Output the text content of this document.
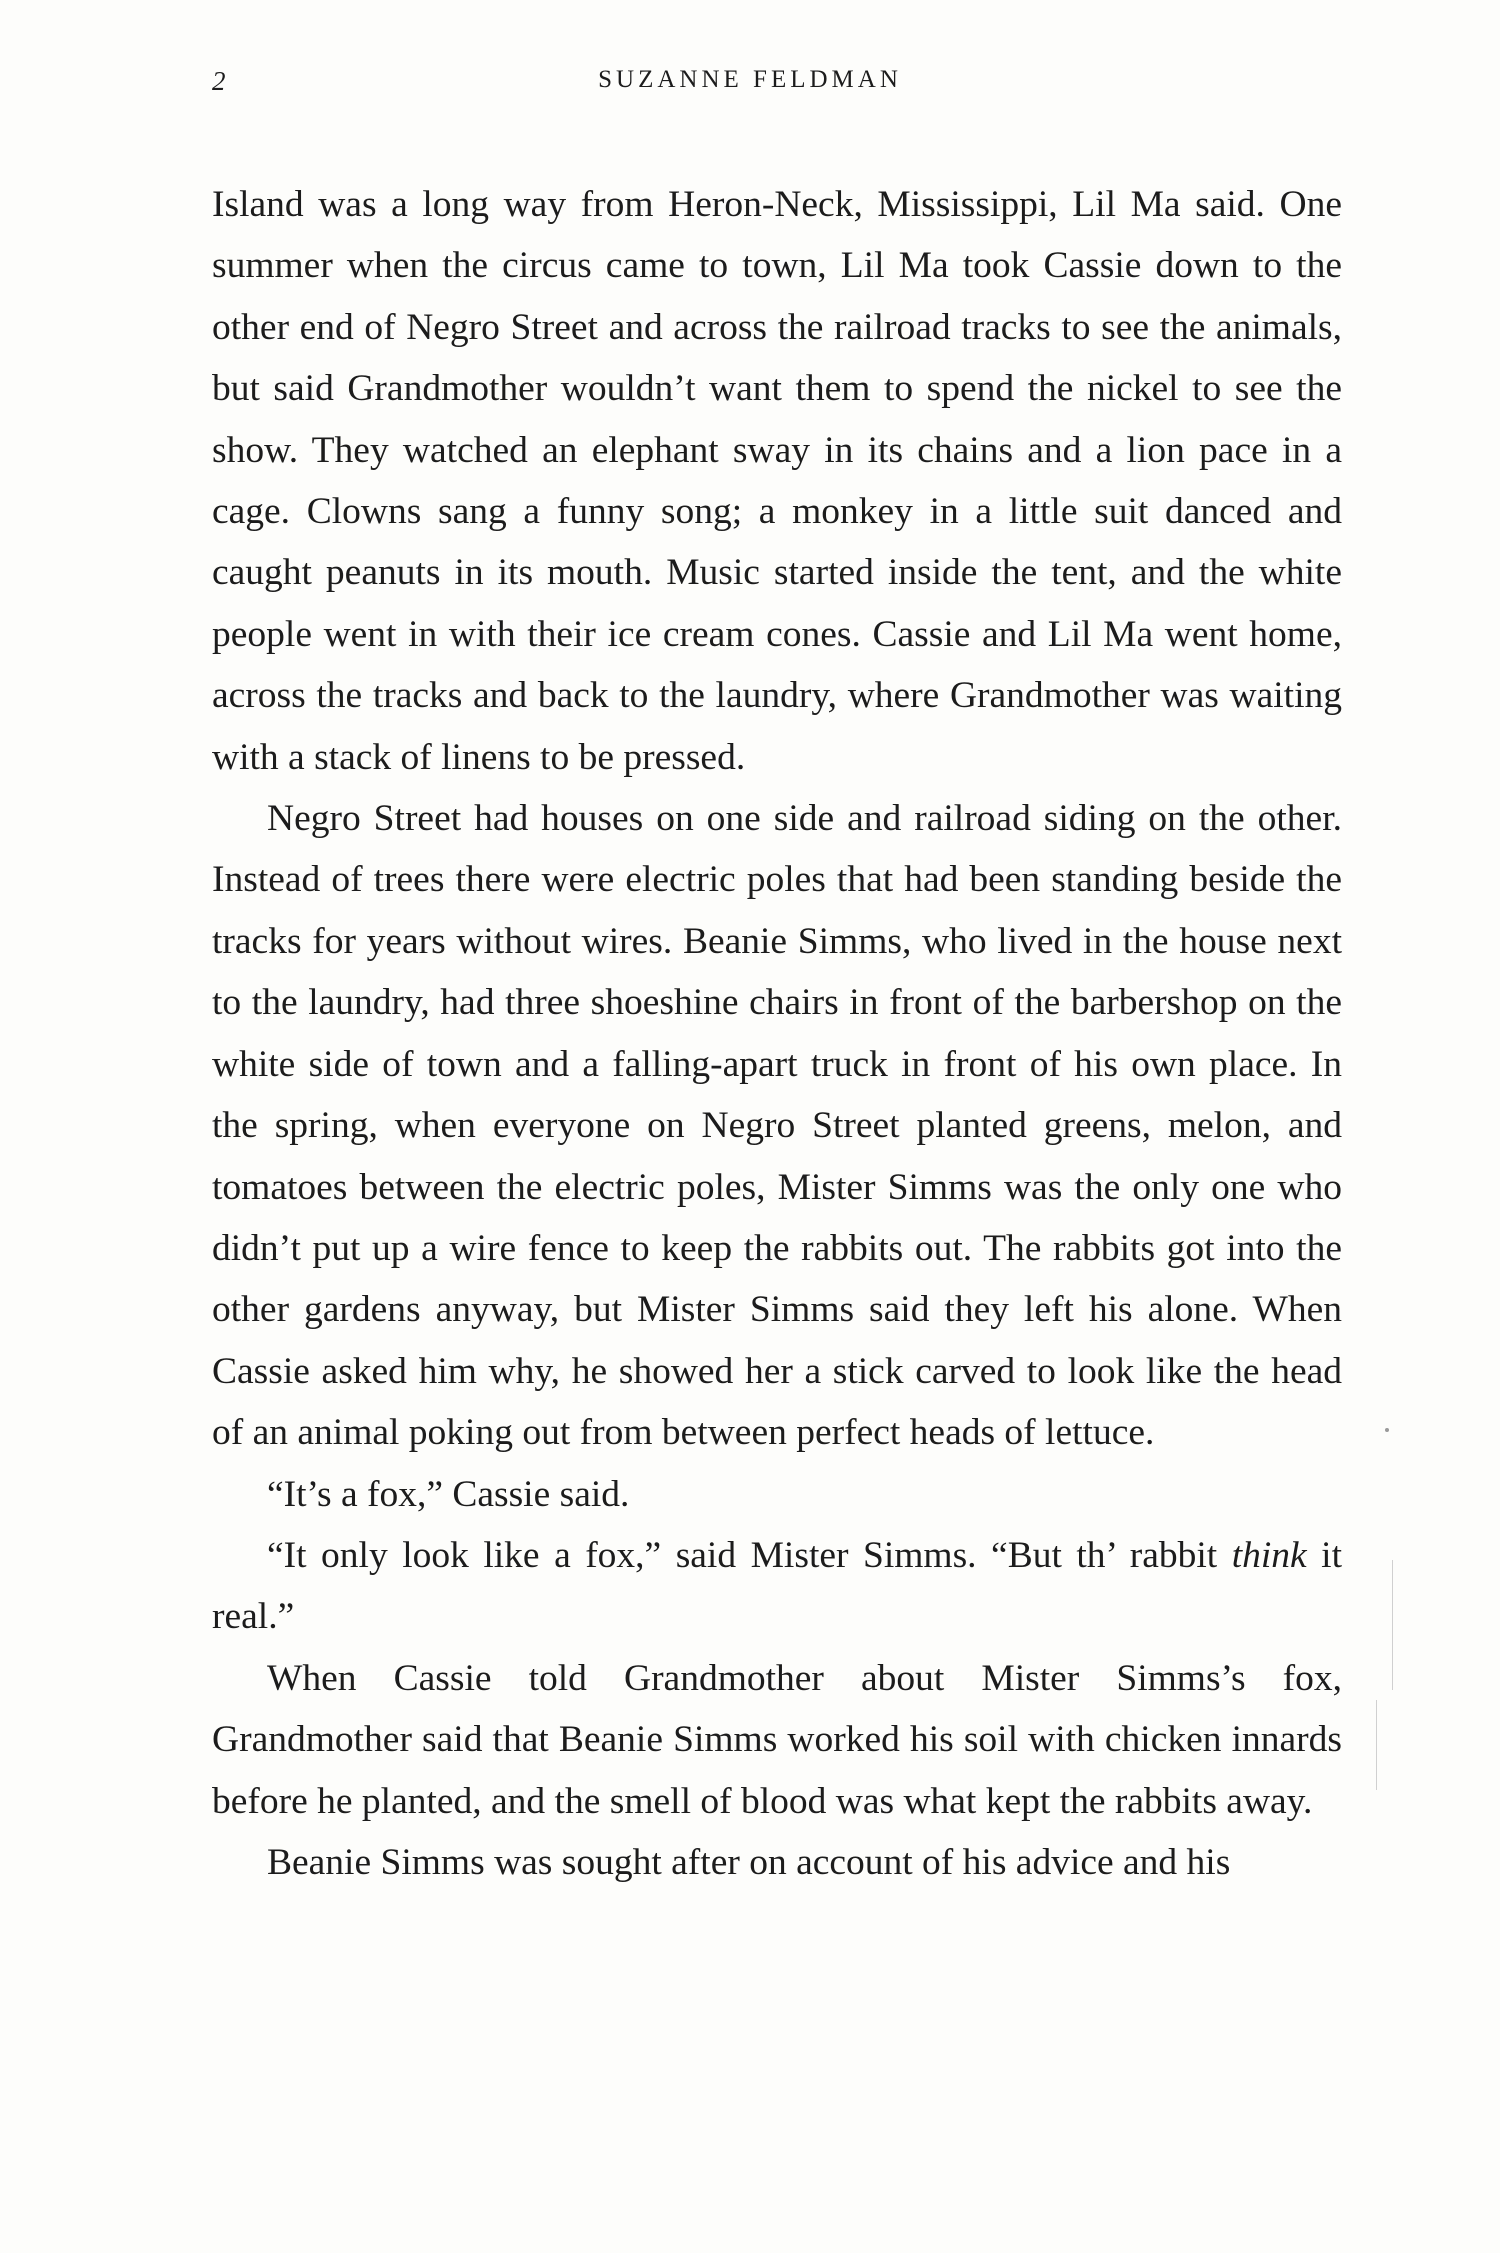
2	SUZANNE FELDMAN

Island was a long way from Heron-Neck, Mississippi, Lil Ma said. One summer when the circus came to town, Lil Ma took Cassie down to the other end of Negro Street and across the railroad tracks to see the animals, but said Grandmother wouldn’t want them to spend the nickel to see the show. They watched an elephant sway in its chains and a lion pace in a cage. Clowns sang a funny song; a monkey in a little suit danced and caught peanuts in its mouth. Music started inside the tent, and the white people went in with their ice cream cones. Cassie and Lil Ma went home, across the tracks and back to the laundry, where Grandmother was waiting with a stack of linens to be pressed.

Negro Street had houses on one side and railroad siding on the other. Instead of trees there were electric poles that had been standing beside the tracks for years without wires. Beanie Simms, who lived in the house next to the laundry, had three shoeshine chairs in front of the barbershop on the white side of town and a falling-apart truck in front of his own place. In the spring, when everyone on Negro Street planted greens, melon, and tomatoes between the electric poles, Mister Simms was the only one who didn’t put up a wire fence to keep the rabbits out. The rabbits got into the other gardens anyway, but Mister Simms said they left his alone. When Cassie asked him why, he showed her a stick carved to look like the head of an animal poking out from between perfect heads of lettuce.

“It’s a fox,” Cassie said.

“It only look like a fox,” said Mister Simms. “But th’ rabbit think it real.”

When Cassie told Grandmother about Mister Simms’s fox, Grandmother said that Beanie Simms worked his soil with chicken innards before he planted, and the smell of blood was what kept the rabbits away.

Beanie Simms was sought after on account of his advice and his
